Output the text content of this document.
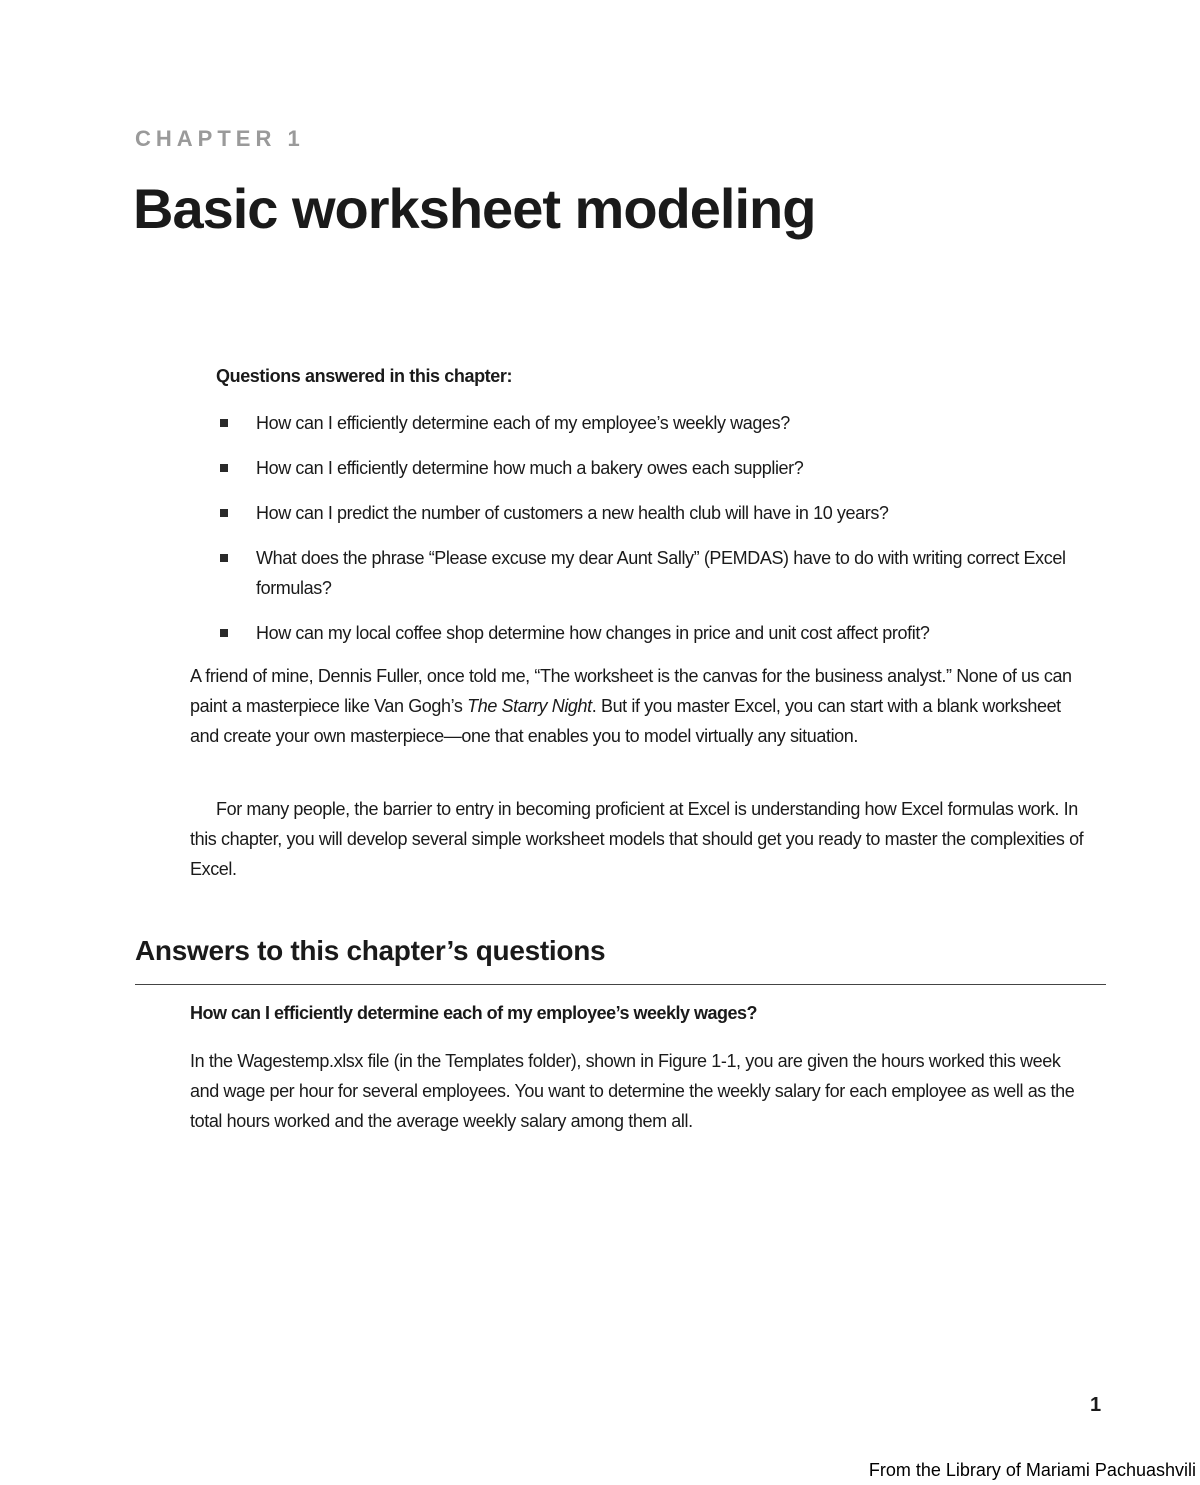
CHAPTER 1
Basic worksheet modeling
Questions answered in this chapter:
How can I efficiently determine each of my employee’s weekly wages?
How can I efficiently determine how much a bakery owes each supplier?
How can I predict the number of customers a new health club will have in 10 years?
What does the phrase “Please excuse my dear Aunt Sally” (PEMDAS) have to do with writing correct Excel formulas?
How can my local coffee shop determine how changes in price and unit cost affect profit?

A friend of mine, Dennis Fuller, once told me, “The worksheet is the canvas for the business analyst.” None of us can paint a masterpiece like Van Gogh’s The Starry Night. But if you master Excel, you can start with a blank worksheet and create your own masterpiece—one that enables you to model virtually any situation.

For many people, the barrier to entry in becoming proficient at Excel is understanding how Excel formulas work. In this chapter, you will develop several simple worksheet models that should get you ready to master the complexities of Excel.

Answers to this chapter’s questions
How can I efficiently determine each of my employee’s weekly wages?

In the Wagestemp.xlsx file (in the Templates folder), shown in Figure 1-1, you are given the hours worked this week and wage per hour for several employees. You want to determine the weekly salary for each employee as well as the total hours worked and the average weekly salary among them all.

1
From the Library of Mariami Pachuashvili
